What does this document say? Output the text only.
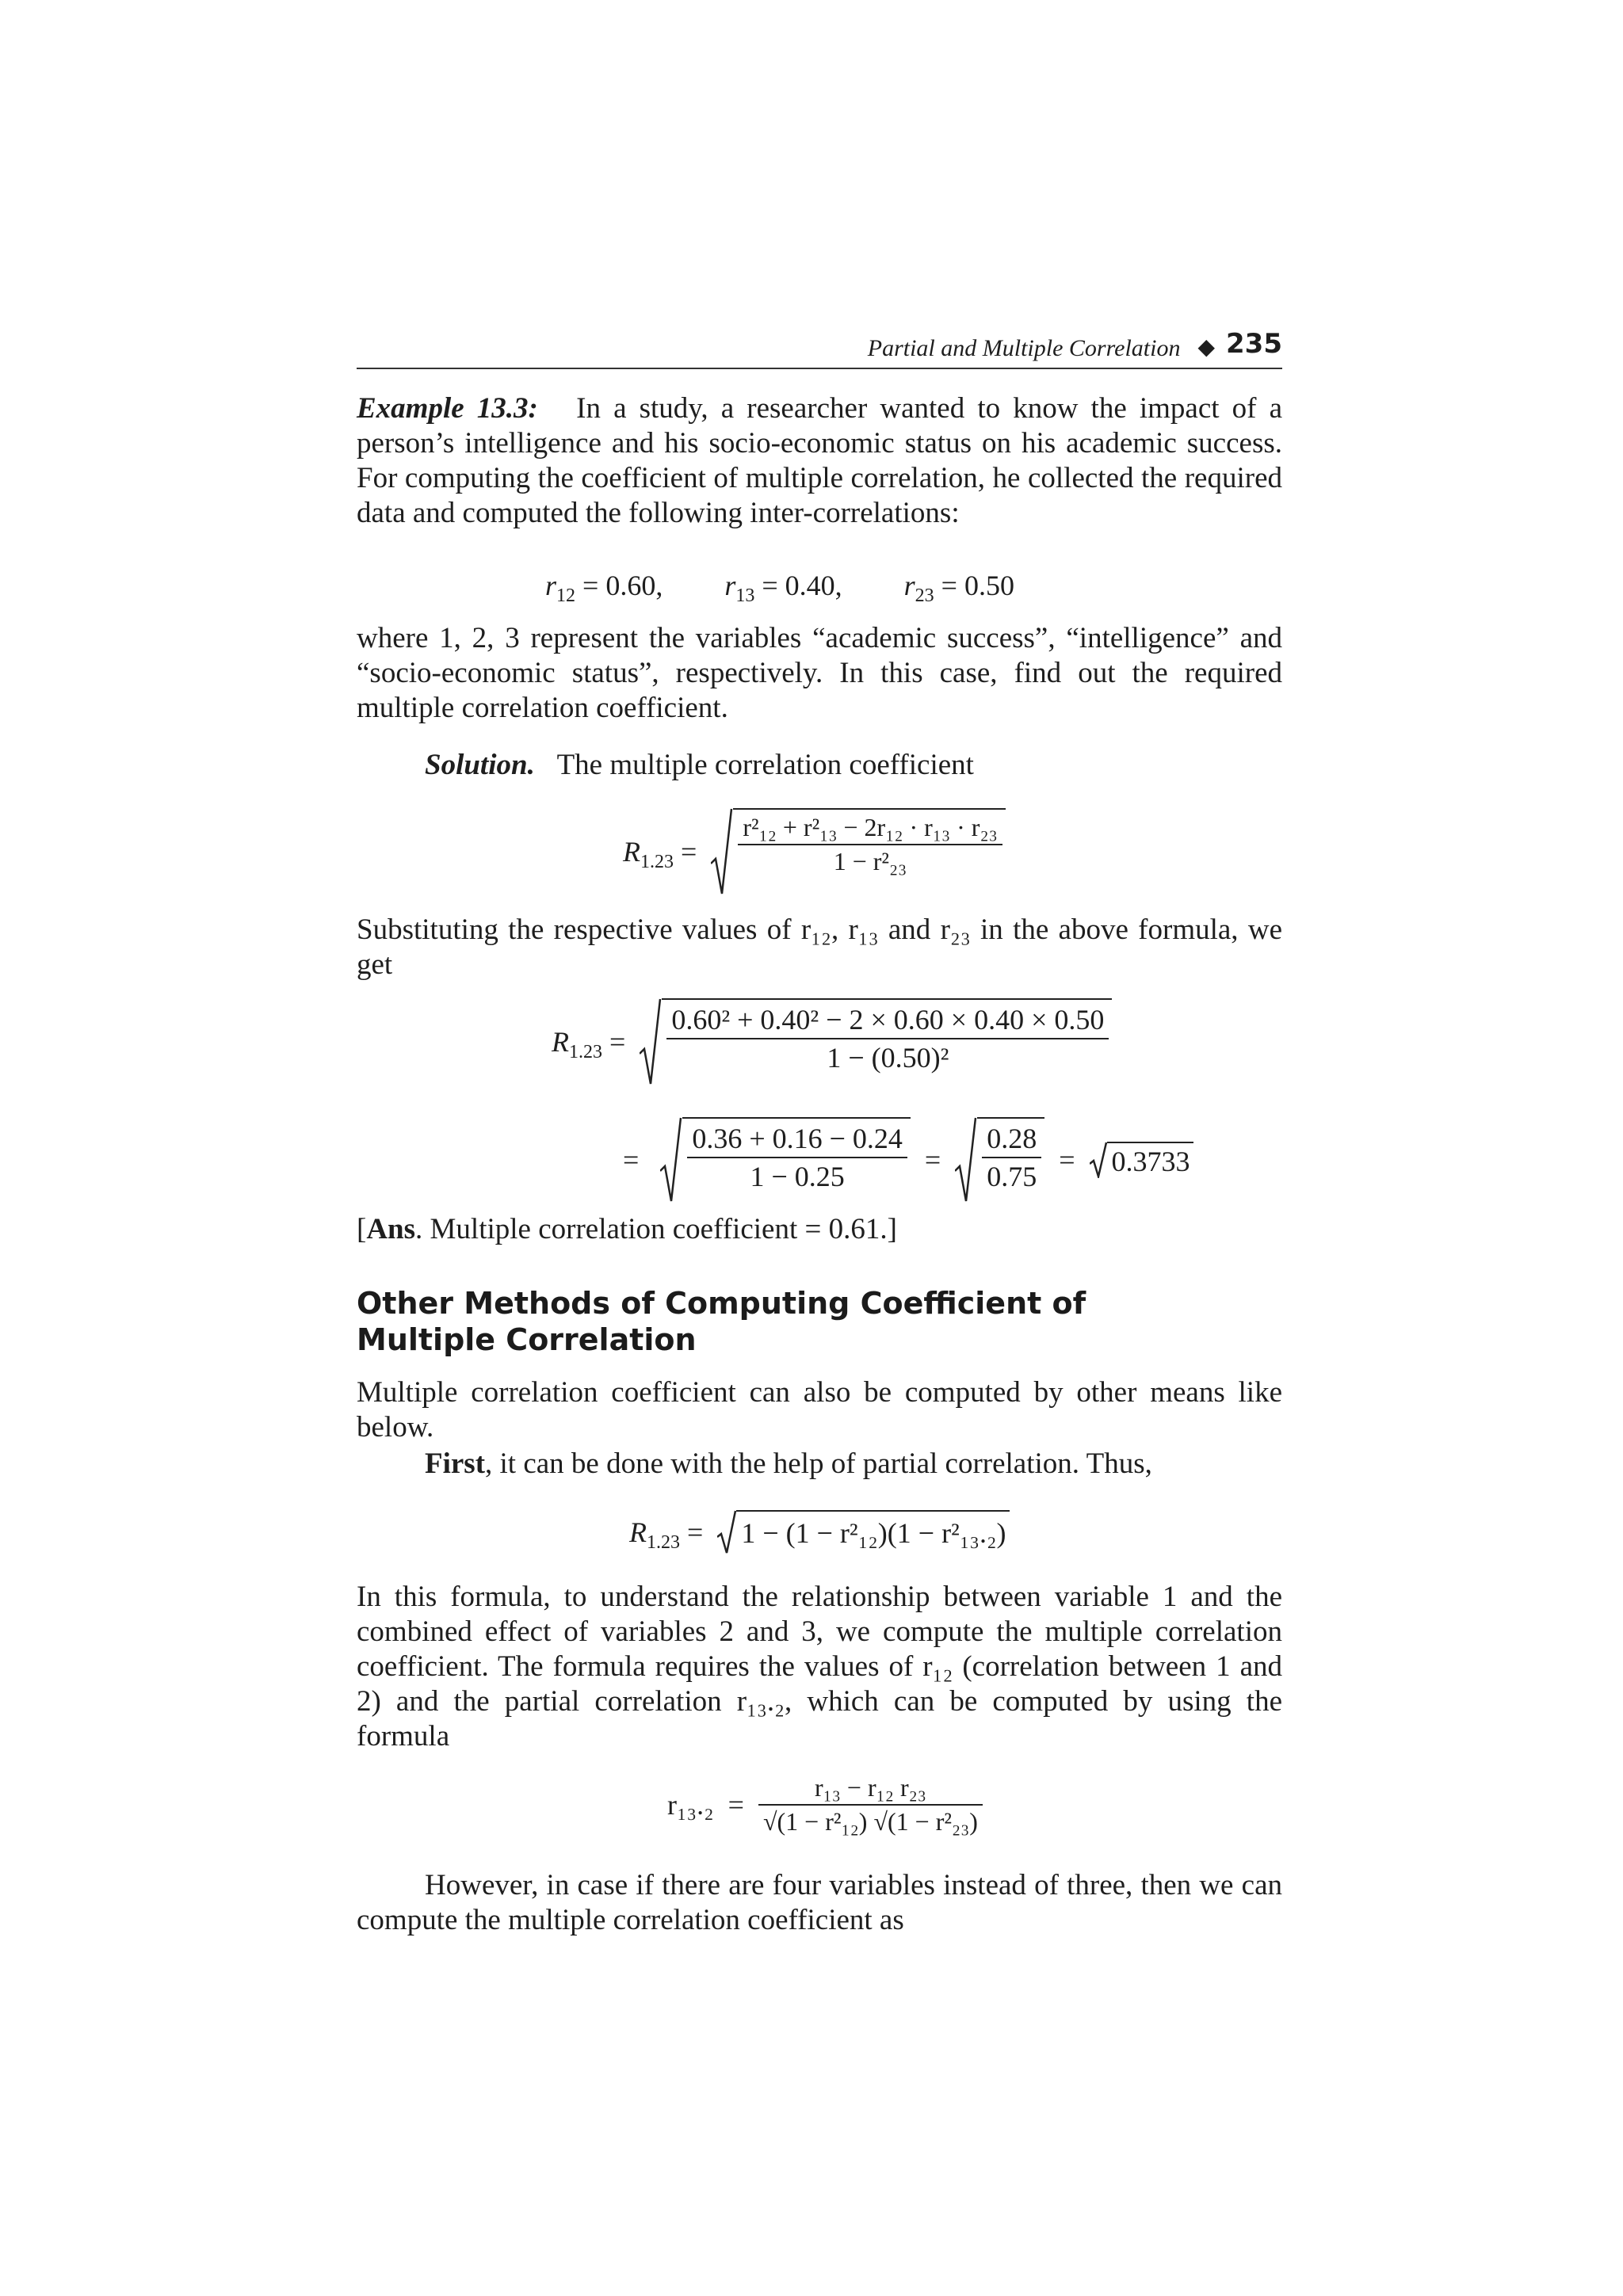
Partial and Multiple Correlation ◆ 235
Example 13.3: In a study, a researcher wanted to know the impact of a person’s intelligence and his socio-economic status on his academic success. For computing the coefficient of multiple correlation, he collected the required data and computed the following inter-correlations:
$r_{12} = 0.60$, $r_{13} = 0.40$, $r_{23} = 0.50$
where 1, 2, 3 represent the variables “academic success”, “intelligence” and “socio-economic status”, respectively. In this case, find out the required multiple correlation coefficient.
Solution. The multiple correlation coefficient
$R_{1.23} = \frac{\text{r²₁₂ + r²₁₃ − 2r₁₂ · r₁₃ · r₂₃}}{\text{1 − r²₂₃}}$
Substituting the respective values of r₁₂, r₁₃ and r₂₃ in the above formula, we get
$R_{1.23} = \frac{\text{0.60² + 0.40² − 2 × 0.60 × 0.40 × 0.50}}{\text{1 − (0.50)²}}$
= $\frac{0.36 + 0.16 - 0.24}{1 - 0.25} = \frac{0.28}{0.75} = 0.3733$
[Ans. Multiple correlation coefficient = 0.61.]
Other Methods of Computing Coefficient of Multiple Correlation
Multiple correlation coefficient can also be computed by other means like below.
First, it can be done with the help of partial correlation. Thus,
$R_{1.23} = 1 - (1 - r^2_{12})(1 - r^2_{13}._2)$
In this formula, to understand the relationship between variable 1 and the combined effect of variables 2 and 3, we compute the multiple correlation coefficient. The formula requires the values of r₁₂ (correlation between 1 and 2) and the partial correlation r₁₃.₂, which can be computed by using the formula
$r_{13}._2 = \frac{\text{r₁₃ − r₁₂ r₂₃}}{\text{√(1 − r²₁₂) √(1 − r²₂₃)}}$
However, in case if there are four variables instead of three, then we can compute the multiple correlation coefficient as
